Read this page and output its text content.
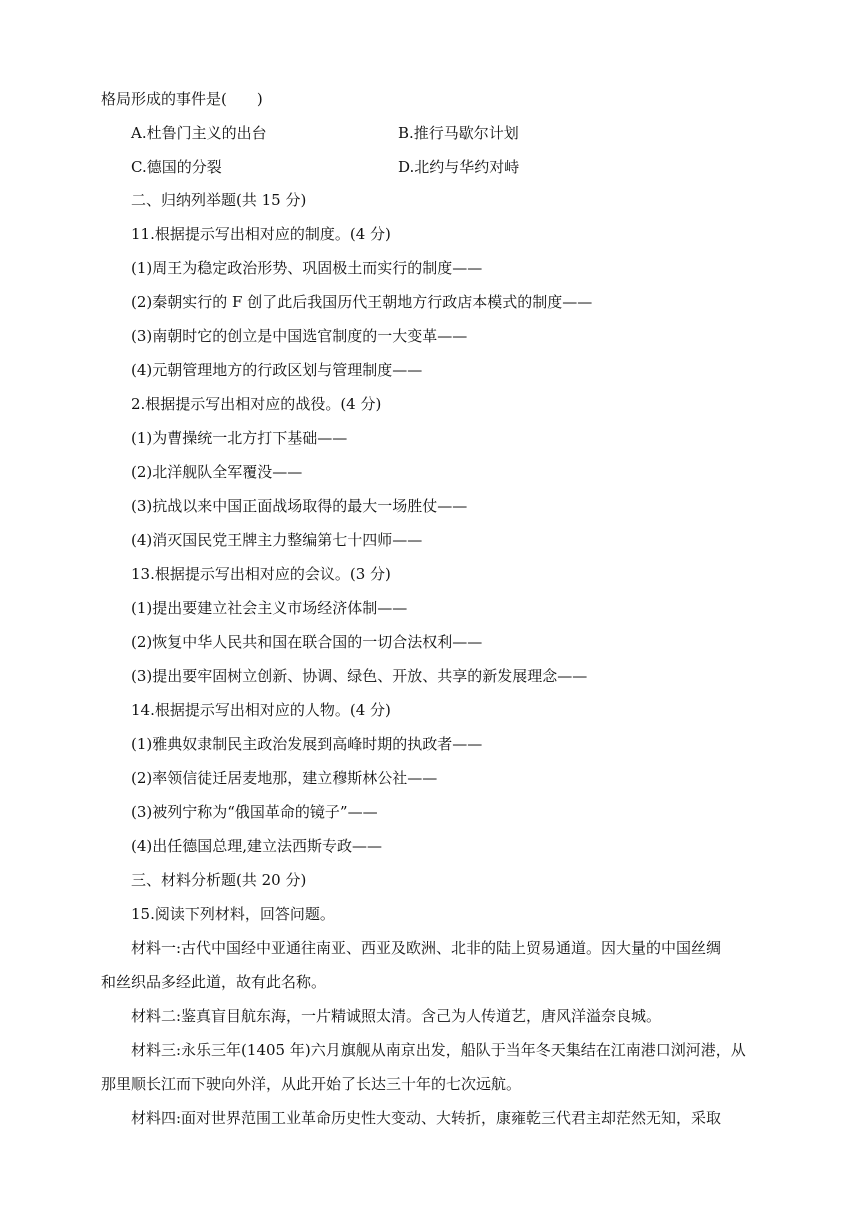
格局形成的事件是(　　)
A.杜鲁门主义的出台	B.推行马歇尔计划
C.德国的分裂	D.北约与华约对峙
二、归纳列举题(共 15 分)
11.根据提示写出相对应的制度。(4 分)
(1)周王为稳定政治形势、巩固极土而实行的制度——
(2)秦朝实行的 F 创了此后我国历代王朝地方行政店本模式的制度——
(3)南朝时它的创立是中国选官制度的一大变革——
(4)元朝管理地方的行政区划与管理制度——
2.根据提示写出相对应的战役。(4 分)
(1)为曹操统一北方打下基础——
(2)北洋舰队全军覆没——
(3)抗战以来中国正面战场取得的最大一场胜仗——
(4)消灭国民党王牌主力整编第七十四师——
13.根据提示写出相对应的会议。(3 分)
(1)提出要建立社会主义市场经济体制——
(2)恢复中华人民共和国在联合国的一切合法权利——
(3)提出要牢固树立创新、协调、绿色、开放、共享的新发展理念——
14.根据提示写出相对应的人物。(4 分)
(1)雅典奴隶制民主政治发展到高峰时期的执政者——
(2)率领信徒迁居麦地那，建立穆斯林公社——
(3)被列宁称为“俄国革命的镜子”——
(4)出任德国总理,建立法西斯专政——
三、材料分析题(共 20 分)
15.阅读下列材料，回答问题。
材料一:古代中国经中亚通往南亚、西亚及欧洲、北非的陆上贸易通道。因大量的中国丝绸
和丝织品多经此道，故有此名称。
材料二:鉴真盲目航东海，一片精诚照太清。含己为人传道艺，唐风洋溢奈良城。
材料三:永乐三年(1405 年)六月旗舰从南京出发，船队于当年冬天集结在江南港口浏河港，从
那里顺长江而下驶向外洋，从此开始了长达三十年的七次远航。
材料四:面对世界范围工业革命历史性大变动、大转折，康雍乾三代君主却茫然无知，采取
